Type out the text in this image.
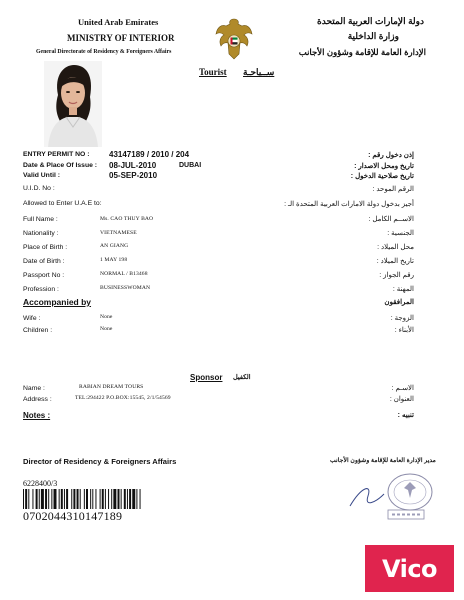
United Arab Emirates
MINISTRY OF INTERIOR
General Directorate of Residency & Foreigners Affairs
دولة الإمارات العربية المتحدة
وزارة الداخلية
الإدارة العامة للإقامة وشؤون الأجانب
Tourist ســياحـة
ENTRY PERMIT NO : 43147189 / 2010 / 204	إذن دخول رقم :
Date & Place Of Issue : 08-JUL-2010	DUBAI	تاريخ ومحل الاصدار :
Valid Until :	05-SEP-2010	تاريخ صلاحية الدخول :
U.I.D. No :	الرقم الموحد :
Allowed to Enter U.A.E to:	أجيز بدخول دولة الامارات العربية المتحدة الـ :
Full Name :	Ms. CAO THUY BAO	الاســم الكامل :
Nationality :	VIETNAMESE	الجنسية :
Place of Birth :	AN GIANG	محل الميلاد :
Date of Birth :	1 MAY 198	تاريخ الميلاد :
Passport No :	NORMAL / B13468	رقم الجواز :
Profession :	BUSINESSWOMAN	المهنة :
Accompanied by	المرافقون
Wife :	None	الزوجة :
Children :	None	الأبناء :
Sponsor الكفيل
Name :	RABIAN DREAM TOURS	الاسـم :
Address :	TEL:294422 P.O.BOX:15545, 2/1/54569	العنوان :
Notes :	تنبيه :
Director of Residency & Foreigners Affairs	مدير الإدارة العامة للإقامة وشؤون الأجانب
6228400/3
0702044310147189
Vico
